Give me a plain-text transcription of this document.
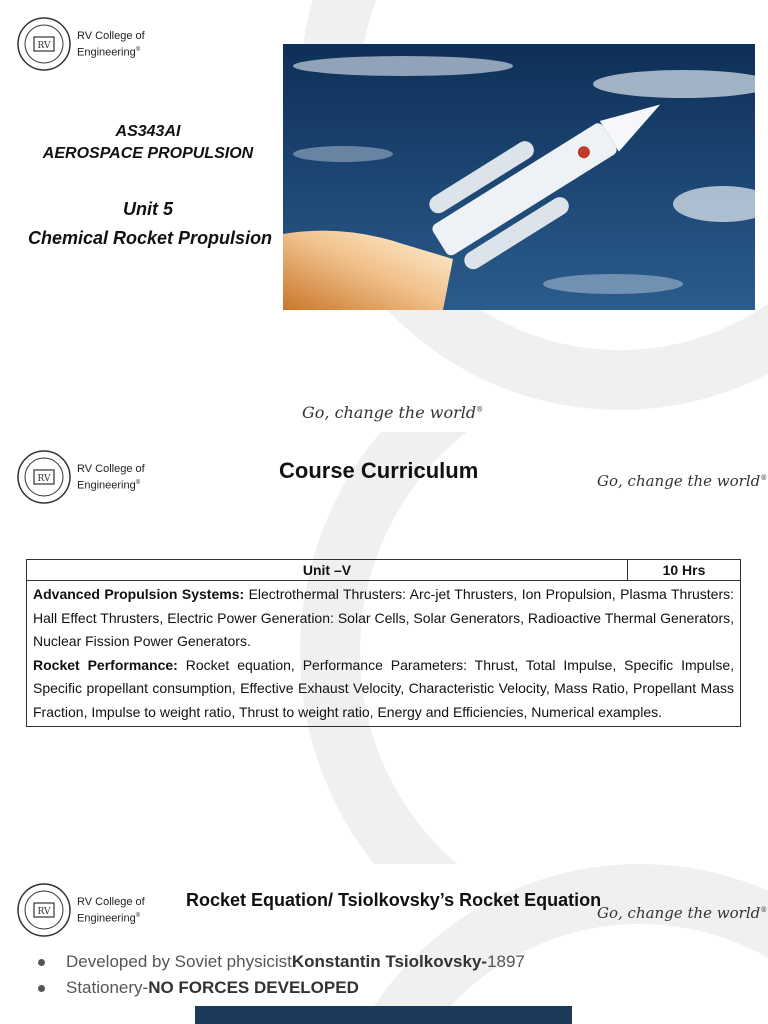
RV
RV College of
Engineering®
AS343AI
AEROSPACE PROPULSION
Unit 5
Chemical Rocket Propulsion
Go, change the world®
RV
RV College of
Engineering®	Course Curriculum	Go, change the world®
Unit –V	10 Hrs

Advanced Propulsion Systems: Electrothermal Thrusters: Arc-jet Thrusters, Ion Propulsion, Plasma Thrusters: Hall Effect Thrusters, Electric Power Generation: Solar Cells, Solar Generators, Radioactive Thermal Generators, Nuclear Fission Power Generators.
Rocket Performance: Rocket equation, Performance Parameters: Thrust, Total Impulse, Specific Impulse, Specific propellant consumption, Effective Exhaust Velocity, Characteristic Velocity, Mass Ratio, Propellant Mass Fraction, Impulse to weight ratio, Thrust to weight ratio, Energy and Efficiencies, Numerical examples.
RV
RV College of
Engineering®
Rocket Equation/ Tsiolkovsky’s Rocket Equation
Go, change the world®
Developed by Soviet physicist Konstantin Tsiolkovsky- 1897
Stationery- NO FORCES DEVELOPED
